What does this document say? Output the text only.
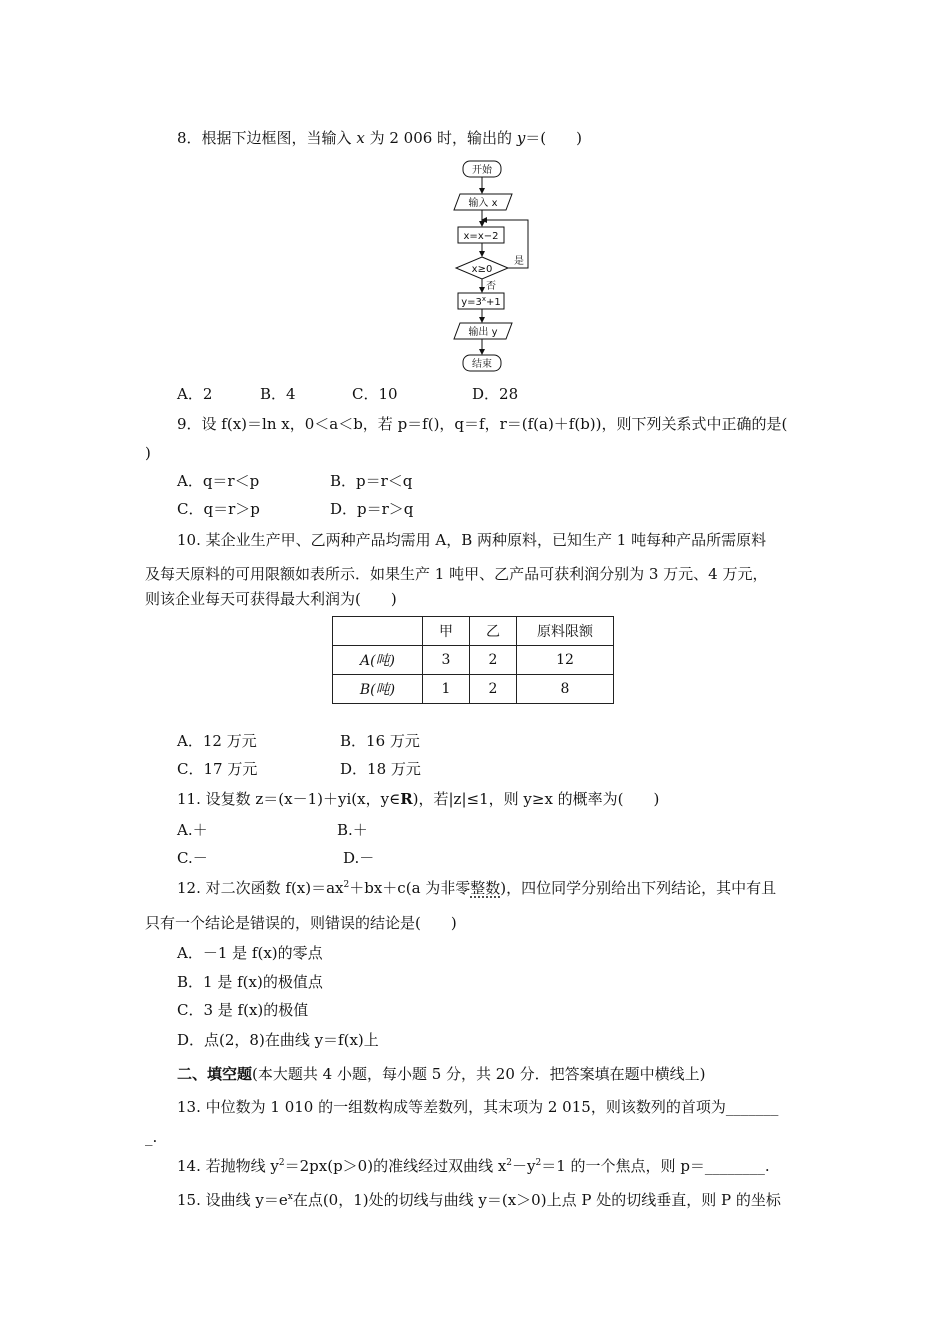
8．根据下边框图，当输入 x 为 2 006 时，输出的 y＝(　　)
开始
输入 x
x=x−2
x≥0
是
否
$y=3^x+1$
输出 y
结束
A．2	B．4	C．10	D．28
9．设 f(x)＝ln x，0＜a＜b，若 p＝f()，q＝f，r＝(f(a)＋f(b))，则下列关系式中正确的是(
)
A．q＝r＜p	B．p＝r＜q
C．q＝r＞p	D．p＝r＞q
10. 某企业生产甲、乙两种产品均需用 A，B 两种原料，已知生产 1 吨每种产品所需原料
及每天原料的可用限额如表所示．如果生产 1 吨甲、乙产品可获利润分别为 3 万元、4 万元，
则该企业每天可获得最大利润为(　　)
	甲	乙	原料限额
A(吨)	3	2	12
B(吨)	1	2	8
A．12 万元	B．16 万元
C．17 万元	D．18 万元
11. 设复数 z＝(x－1)＋yi(x，y∈R)，若|z|≤1，则 y≥x 的概率为(　　)
A.＋	B.＋
C.－	D.－
12. 对二次函数 $f(x)=ax^2+bx+c(a$ 为非零整数)，四位同学分别给出下列结论，其中有且
只有一个结论是错误的，则错误的结论是(　　)
A．－1 是 f(x)的零点
B．1 是 f(x)的极值点
C．3 是 f(x)的极值
D．点(2，8)在曲线 y＝f(x)上
二、填空题(本大题共 4 小题，每小题 5 分，共 20 分．把答案填在题中横线上)
13. 中位数为 1 010 的一组数构成等差数列，其末项为 2 015，则该数列的首项为_______
_.
14. 若抛物线 $y^2=2px(p>0)$的准线经过双曲线 $x^2-y^2=1$ 的一个焦点，则 p＝________.
15. 设曲线 $y=e^x$在点(0，1)处的切线与曲线 y＝(x＞0)上点 P 处的切线垂直，则 P 的坐标
